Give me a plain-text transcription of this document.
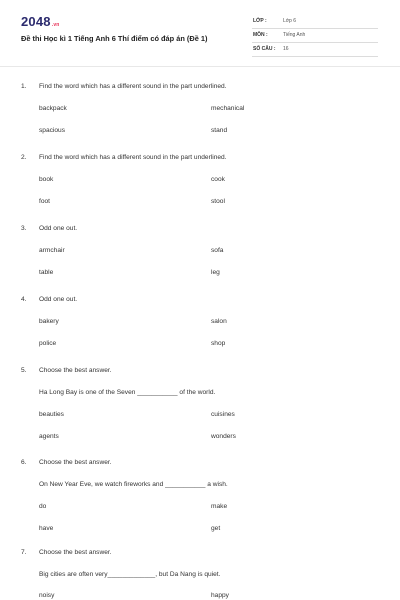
2048.vn
Đề thi Học kì 1 Tiếng Anh 6 Thí điểm có đáp án (Đề 1)
LỚP :	Lớp 6
MÔN :	Tiếng Anh
SỐ CÂU : 16
1. Find the word which has a different sound in the part underlined.
backpack	mechanical
spacious	stand
2. Find the word which has a different sound in the part underlined.
book	cook
foot	stool
3. Odd one out.
armchair	sofa
table	leg
4. Odd one out.
bakery	salon
police	shop
5. Choose the best answer.
Ha Long Bay is one of the Seven ___________ of the world.
beauties	cuisines
agents	wonders
6. Choose the best answer.
On New Year Eve, we watch fireworks and ___________ a wish.
do	make
have	get
7. Choose the best answer.
Big cities are often very_____________, but Da Nang is quiet.
noisy	happy
